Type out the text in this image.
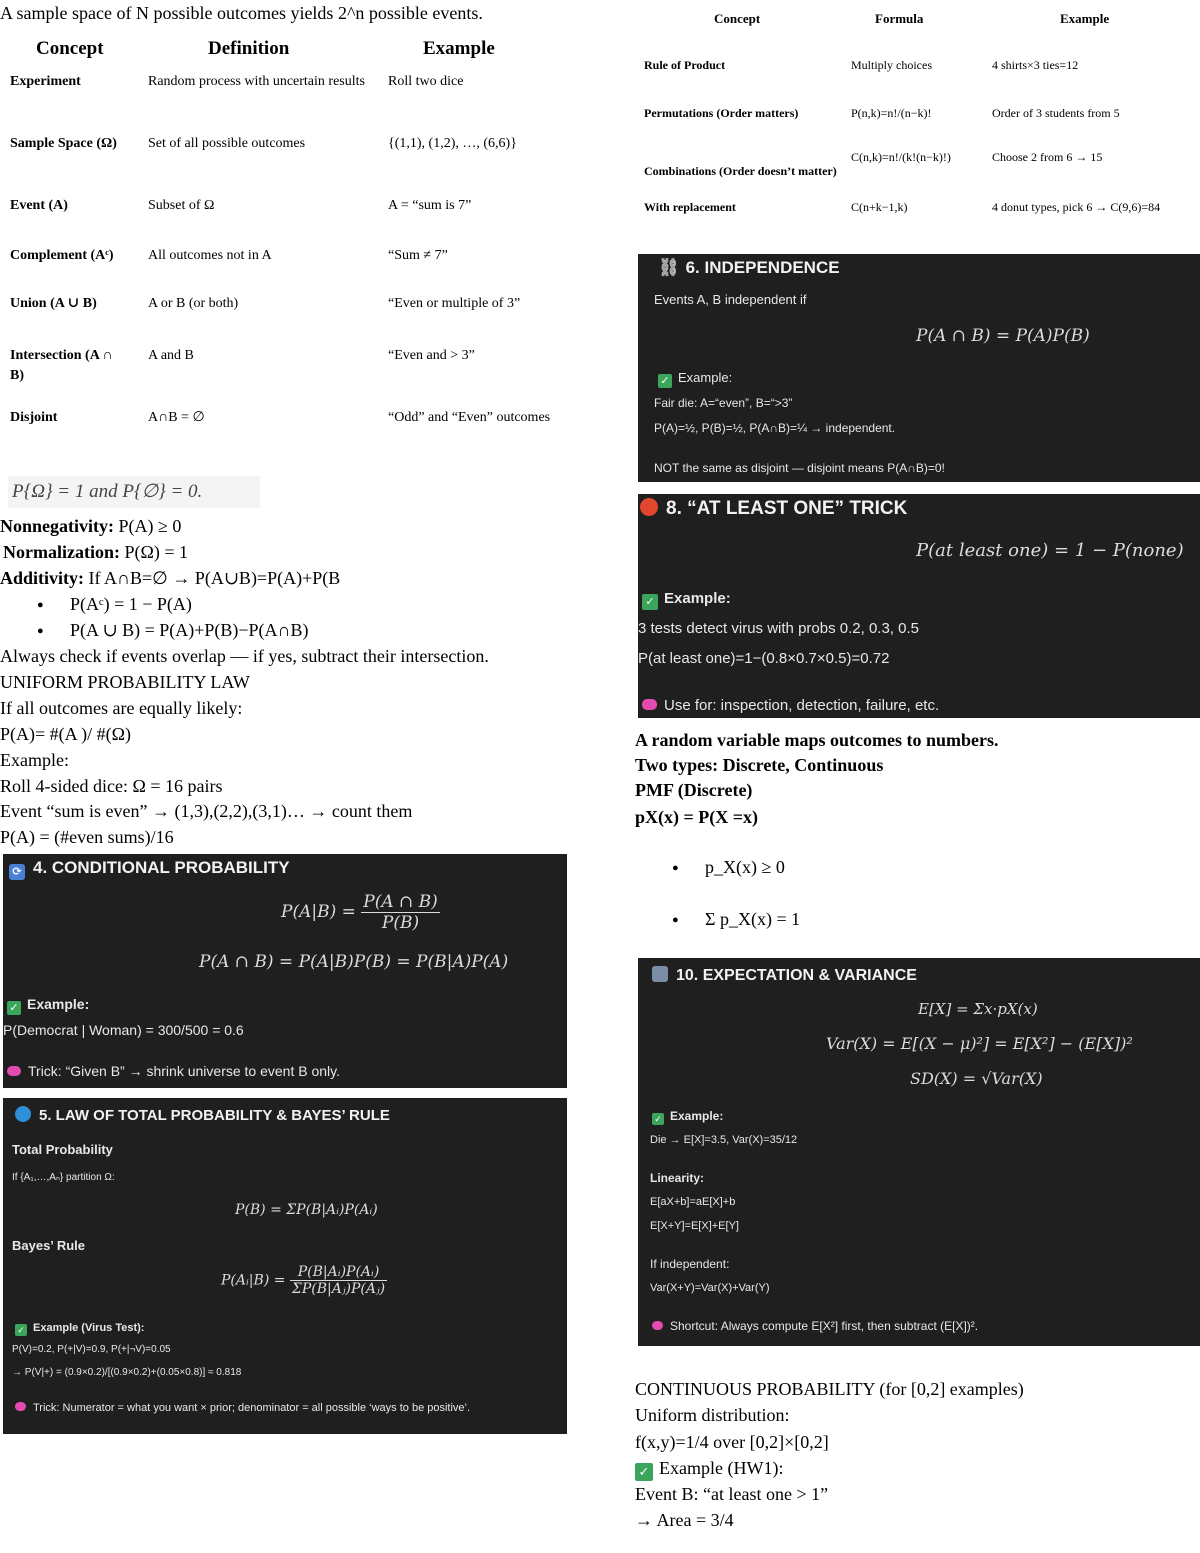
A sample space of N possible outcomes yields 2^n possible events.
Concept	Definition	Example
Experiment	Random process with uncertain results	Roll two dice
Sample Space (Ω)	Set of all possible outcomes	{(1,1), (1,2), …, (6,6)}
Event (A)	Subset of Ω	A = “sum is 7”
Complement (Aᶜ)	All outcomes not in A	“Sum ≠ 7”
Union (A ∪ B)	A or B (or both)	“Even or multiple of 3”
Intersection (A ∩ B)	A and B	“Even and > 3”
Disjoint	A∩B = ∅	“Odd” and “Even” outcomes
P{Ω} = 1 and P{∅} = 0.
Nonnegativity: P(A) ≥ 0
Normalization: P(Ω) = 1
Additivity: If A∩B=∅ → P(A∪B)=P(A)+P(B
● P(Aᶜ) = 1 − P(A)
● P(A ∪ B) = P(A)+P(B)−P(A∩B)
Always check if events overlap — if yes, subtract their intersection.
UNIFORM PROBABILITY LAW
If all outcomes are equally likely:
P(A)= #(A )/ #(Ω)
Example:
Roll 4-sided dice: Ω = 16 pairs
Event “sum is even” → (1,3),(2,2),(3,1)… → count them
P(A) = (#even sums)/16
⟳ 4. CONDITIONAL PROBABILITY
$P(A|B) = \frac{P(A \cap B)}{P(B)}$
P(A ∩ B) = P(A|B)P(B) = P(B|A)P(A)
✓ Example:
P(Democrat | Woman) = 300/500 = 0.6
Trick: “Given B” → shrink universe to event B only.
5. LAW OF TOTAL PROBABILITY & BAYES’ RULE
Total Probability
If {A₁,…,Aₙ} partition Ω:
P(B) = ΣP(B|Aᵢ)P(Aᵢ)
Bayes’ Rule
P(Aᵢ|B) = $\frac{\text{P(B|Aᵢ)P(Aᵢ)}}{\text{ΣP(B|Aⱼ)P(Aⱼ)}}$
✓ Example (Virus Test):
P(V)=0.2, P(+|V)=0.9, P(+|¬V)=0.05
→ P(V|+) = (0.9×0.2)/[(0.9×0.2)+(0.05×0.8)] ≈ 0.818
Trick: Numerator = what you want × prior; denominator = all possible ‘ways to be positive’.
Concept	Formula	Example
Rule of Product	Multiply choices	4 shirts×3 ties=12
Permutations (Order matters)	P(n,k)=n!/(n−k)!	Order of 3 students from 5
Combinations (Order doesn’t matter)	C(n,k)=n!/(k!(n−k)!)	Choose 2 from 6 → 15
With replacement	C(n+k−1,k)	4 donut types, pick 6 → C(9,6)=84
⛓ 6. INDEPENDENCE
Events A, B independent if
P(A ∩ B) = P(A)P(B)
✓ Example:
Fair die: A=“even”, B=“>3”
P(A)=½, P(B)=½, P(A∩B)=¼ → independent.
NOT the same as disjoint — disjoint means P(A∩B)=0!
8. “AT LEAST ONE” TRICK
P(at least one) = 1 − P(none)
✓ Example:
3 tests detect virus with probs 0.2, 0.3, 0.5
P(at least one)=1−(0.8×0.7×0.5)=0.72
Use for: inspection, detection, failure, etc.
A random variable maps outcomes to numbers.
Two types: Discrete, Continuous
PMF (Discrete)
pX(x) = P(X =x)
● p_X(x) ≥ 0
● Σ p_X(x) = 1
10. EXPECTATION & VARIANCE
E[X] = Σx·pX(x)
Var(X) = E[(X − μ)²] = E[X²] − (E[X])²
SD(X) = √Var(X)
✓ Example:
Die → E[X]=3.5, Var(X)=35/12
Linearity:
E[aX+b]=aE[X]+b
E[X+Y]=E[X]+E[Y]
If independent:
Var(X+Y)=Var(X)+Var(Y)
Shortcut: Always compute E[X²] first, then subtract (E[X])².
CONTINUOUS PROBABILITY (for [0,2] examples)
Uniform distribution:
f(x,y)=1/4 over [0,2]×[0,2]
✓ Example (HW1):
Event B: “at least one > 1”
→ Area = 3/4
